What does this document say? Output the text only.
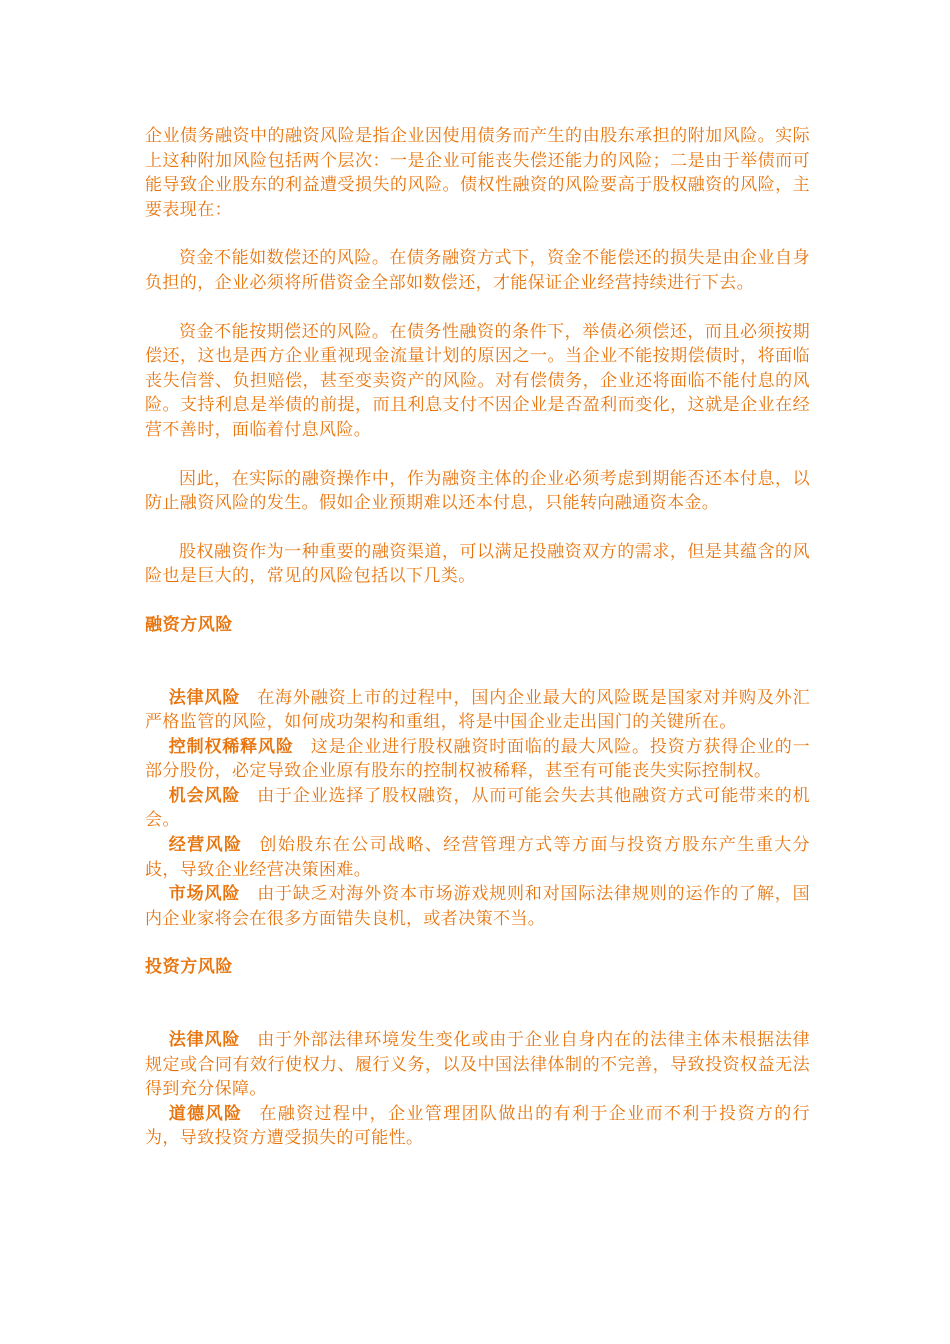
企业债务融资中的融资风险是指企业因使用债务而产生的由股东承担的附加风险。实际上这种附加风险包括两个层次：一是企业可能丧失偿还能力的风险；二是由于举债而可能导致企业股东的利益遭受损失的风险。债权性融资的风险要高于股权融资的风险，主要表现在：

资金不能如数偿还的风险。在债务融资方式下，资金不能偿还的损失是由企业自身负担的，企业必须将所借资金全部如数偿还，才能保证企业经营持续进行下去。

资金不能按期偿还的风险。在债务性融资的条件下，举债必须偿还，而且必须按期偿还，这也是西方企业重视现金流量计划的原因之一。当企业不能按期偿债时，将面临丧失信誉、负担赔偿，甚至变卖资产的风险。对有偿债务，企业还将面临不能付息的风险。支持利息是举债的前提，而且利息支付不因企业是否盈利而变化，这就是企业在经营不善时，面临着付息风险。

因此，在实际的融资操作中，作为融资主体的企业必须考虑到期能否还本付息，以防止融资风险的发生。假如企业预期难以还本付息，只能转向融通资本金。

股权融资作为一种重要的融资渠道，可以满足投融资双方的需求，但是其蕴含的风险也是巨大的，常见的风险包括以下几类。

融资方风险

法律风险 在海外融资上市的过程中，国内企业最大的风险既是国家对并购及外汇严格监管的风险，如何成功架构和重组，将是中国企业走出国门的关键所在。

控制权稀释风险 这是企业进行股权融资时面临的最大风险。投资方获得企业的一部分股份，必定导致企业原有股东的控制权被稀释，甚至有可能丧失实际控制权。

机会风险 由于企业选择了股权融资，从而可能会失去其他融资方式可能带来的机会。

经营风险 创始股东在公司战略、经营管理方式等方面与投资方股东产生重大分歧，导致企业经营决策困难。

市场风险 由于缺乏对海外资本市场游戏规则和对国际法律规则的运作的了解，国内企业家将会在很多方面错失良机，或者决策不当。

投资方风险

法律风险 由于外部法律环境发生变化或由于企业自身内在的法律主体未根据法律规定或合同有效行使权力、履行义务，以及中国法律体制的不完善，导致投资权益无法得到充分保障。

道德风险 在融资过程中，企业管理团队做出的有利于企业而不利于投资方的行为，导致投资方遭受损失的可能性。
